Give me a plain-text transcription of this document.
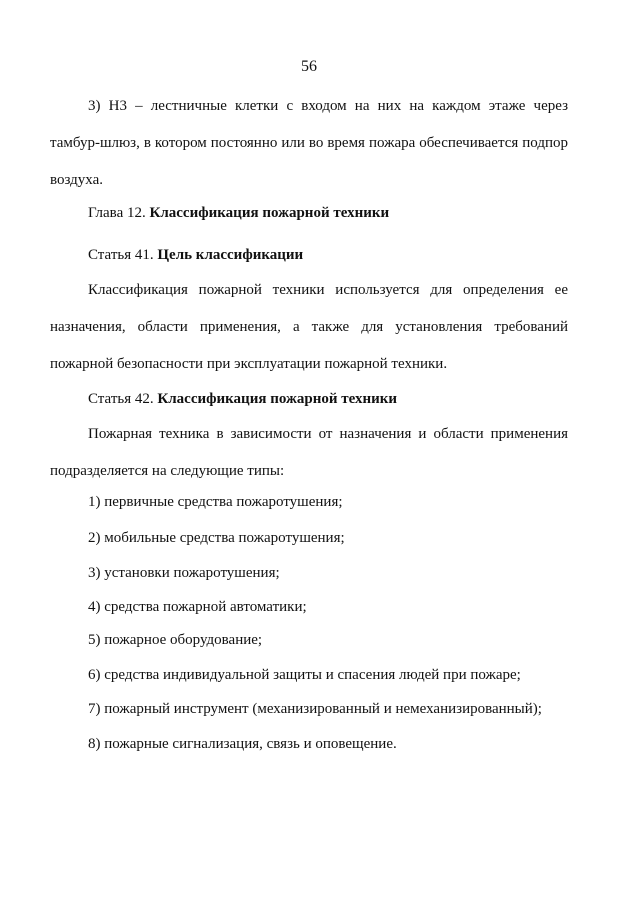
56

3) Н3 – лестничные клетки с входом на них на каждом этаже через тамбур-шлюз, в котором постоянно или во время пожара обеспечивается подпор воздуха.

Глава 12. Классификация пожарной техники
Статья 41. Цель классификации

Классификация пожарной техники используется для определения ее назначения, области применения, а также для установления требований пожарной безопасности при эксплуатации пожарной техники.

Статья 42. Классификация пожарной техники

Пожарная техника в зависимости от назначения и области применения подразделяется на следующие типы:

1) первичные средства пожаротушения;
2) мобильные средства пожаротушения;
3) установки пожаротушения;
4) средства пожарной автоматики;
5) пожарное оборудование;
6) средства индивидуальной защиты и спасения людей при пожаре;
7) пожарный инструмент (механизированный и немеханизированный);
8) пожарные сигнализация, связь и оповещение.
